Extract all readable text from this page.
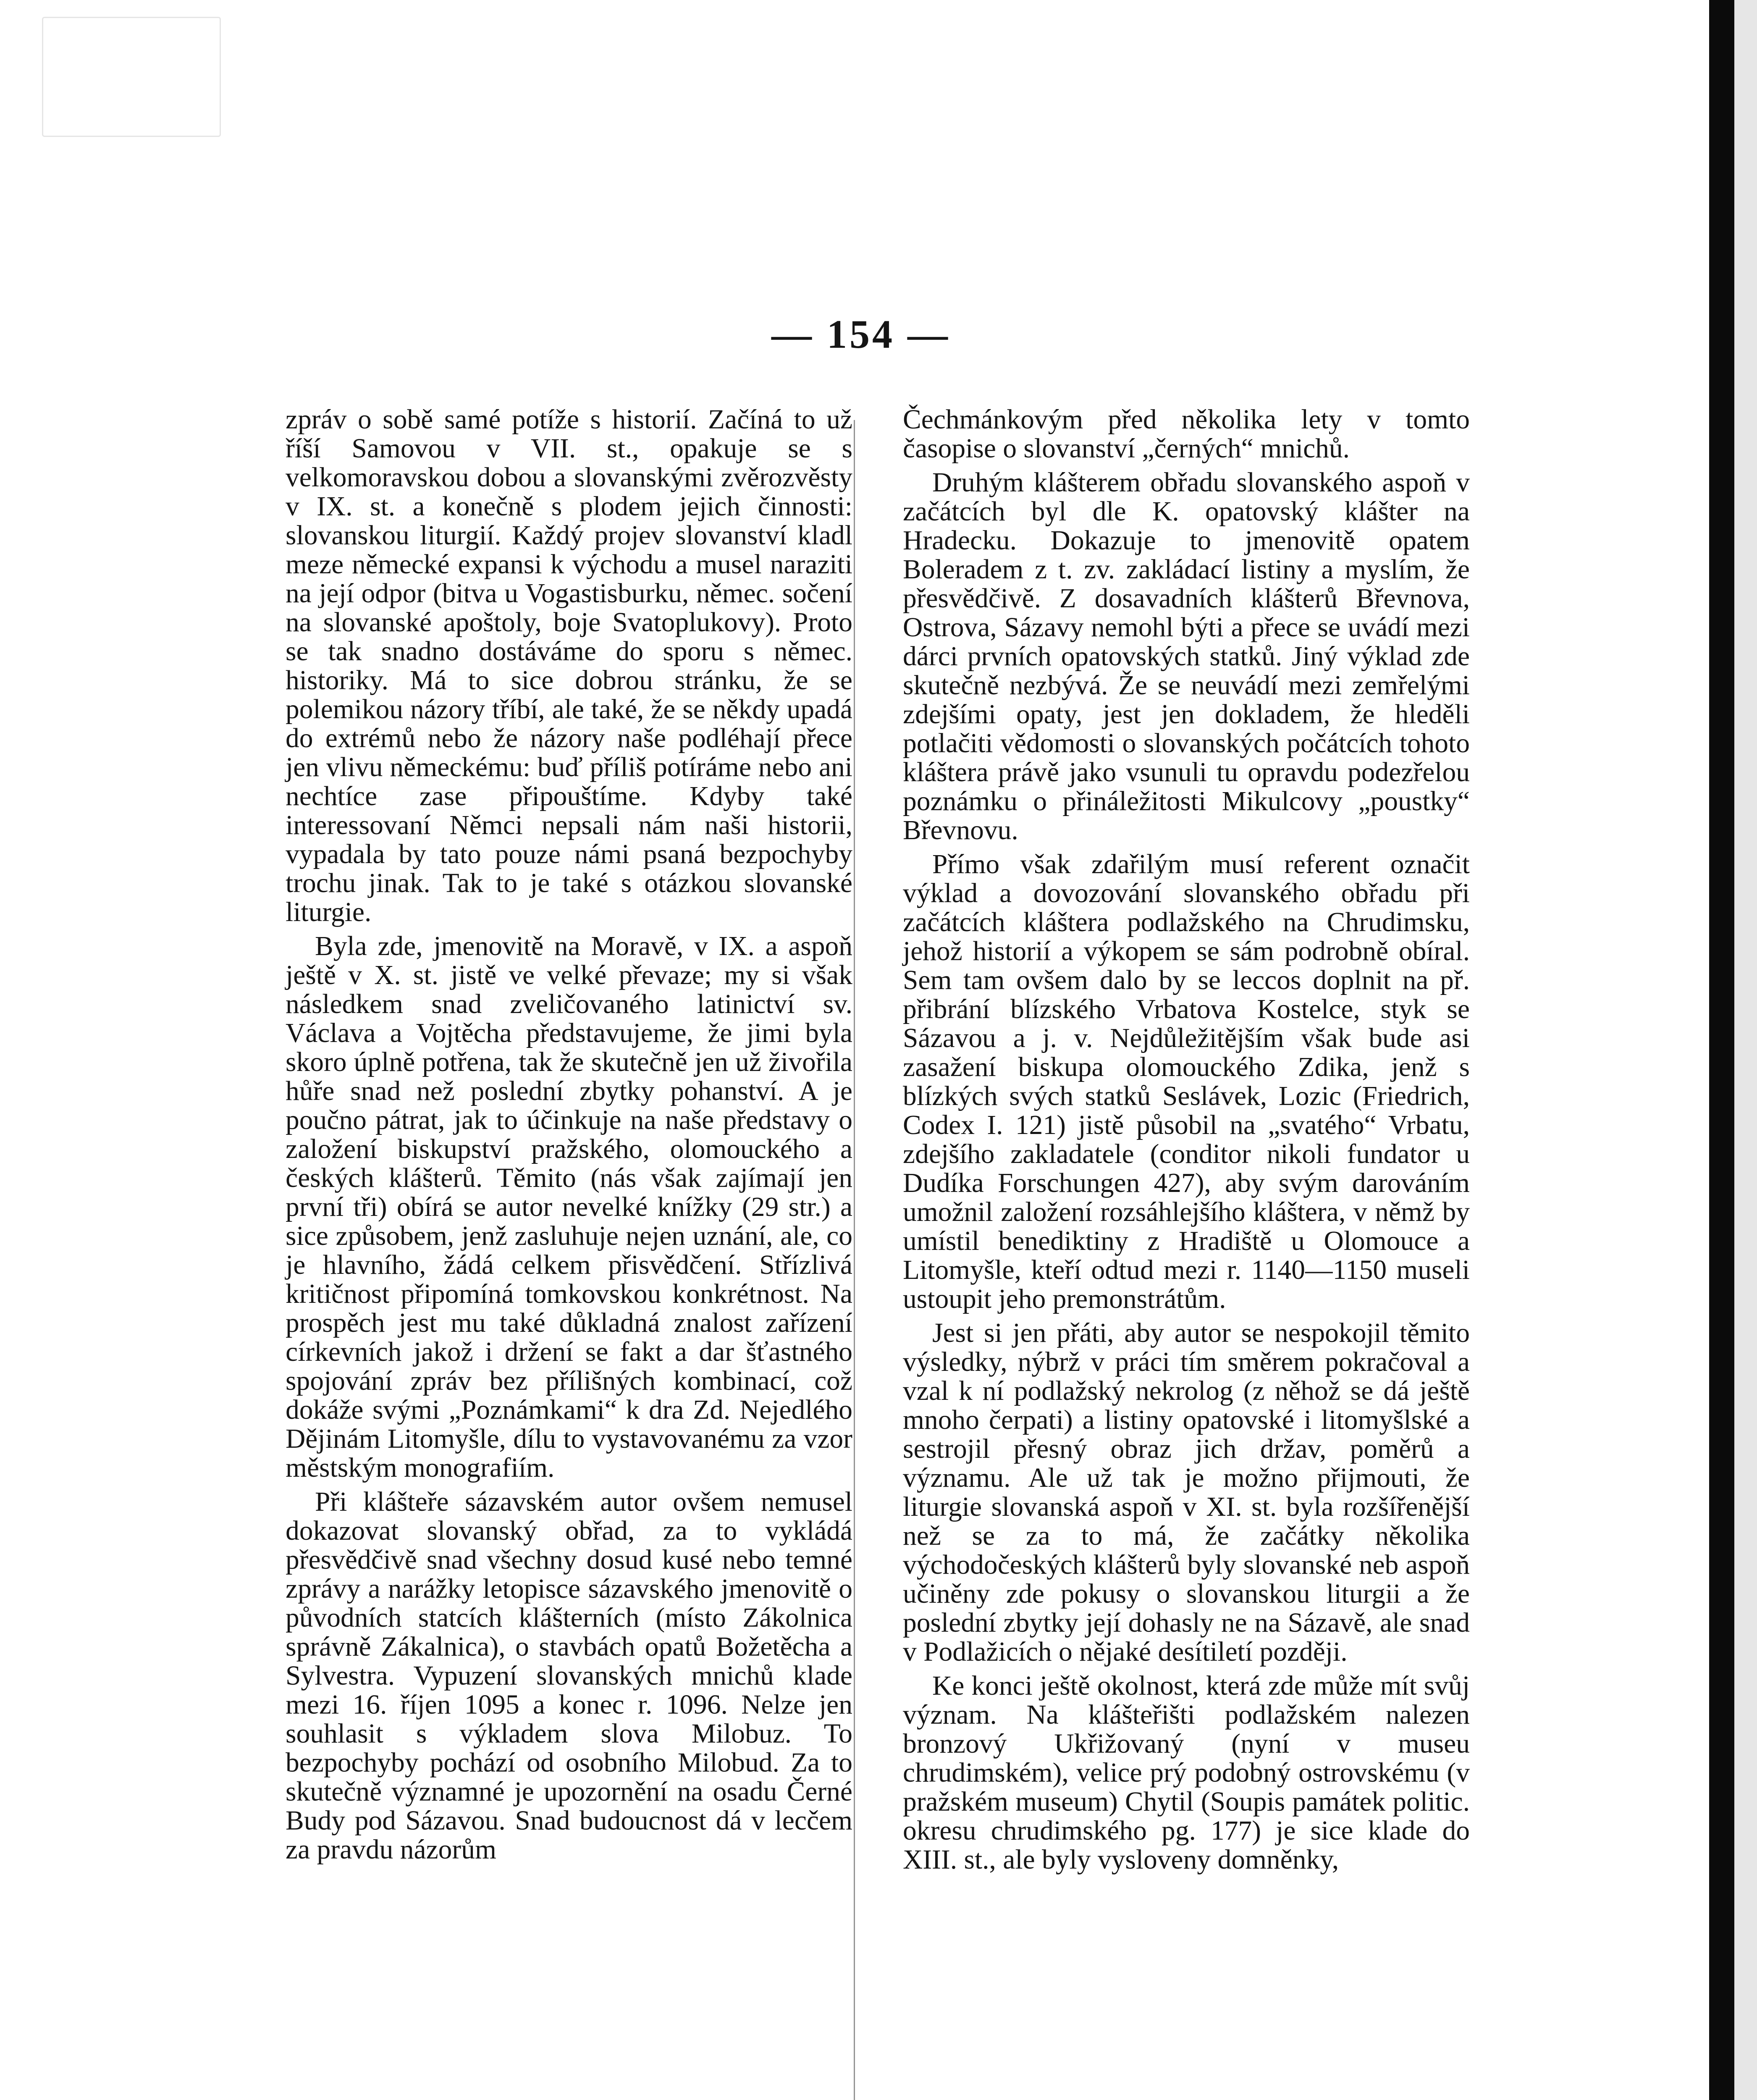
— 154 —

zpráv o sobě samé potíže s historií. Začíná to už říší Samovou v VII. st., opakuje se s velkomoravskou dobou a slovanskými zvěrozvěsty v IX. st. a konečně s plodem jejich činnosti: slovanskou liturgií. Každý projev slovanství kladl meze německé expansi k východu a musel naraziti na její odpor (bitva u Vogastisburku, němec. sočení na slovanské apoštoly, boje Svatoplukovy). Proto se tak snadno dostáváme do sporu s němec. historiky. Má to sice dobrou stránku, že se polemikou názory tříbí, ale také, že se někdy upadá do extrémů nebo že názory naše podléhají přece jen vlivu německému: buď příliš potíráme nebo ani nechtíce zase připouštíme. Kdyby také interessovaní Němci nepsali nám naši historii, vypadala by tato pouze námi psaná bezpochyby trochu jinak. Tak to je také s otázkou slovanské liturgie.

Byla zde, jmenovitě na Moravě, v IX. a aspoň ještě v X. st. jistě ve velké převaze; my si však následkem snad zveličovaného latinictví sv. Václava a Vojtěcha představujeme, že jimi byla skoro úplně potřena, tak že skutečně jen už živořila hůře snad než poslední zbytky pohanství. A je poučno pátrat, jak to účinkuje na naše představy o založení biskupství pražského, olomouckého a českých klášterů. Těmito (nás však zajímají jen první tři) obírá se autor nevelké knížky (29 str.) a sice způsobem, jenž zasluhuje nejen uznání, ale, co je hlavního, žádá celkem přisvědčení. Střízlivá kritičnost připomíná tomkovskou konkrétnost. Na prospěch jest mu také důkladná znalost zařízení církevních jakož i držení se fakt a dar šťastného spojování zpráv bez přílišných kombinací, což dokáže svými „Poznámkami“ k dra Zd. Nejedlého Dějinám Litomyšle, dílu to vystavovanému za vzor městským monografiím.

Při klášteře sázavském autor ovšem nemusel dokazovat slovanský obřad, za to vykládá přesvědčivě snad všechny dosud kusé nebo temné zprávy a narážky letopisce sázavského jmenovitě o původních statcích klášterních (místo Zákolnica správně Zákalnica), o stavbách opatů Božetěcha a Sylvestra. Vypuzení slovanských mnichů klade mezi 16. říjen 1095 a konec r. 1096. Nelze jen souhlasit s výkladem slova Milobuz. To bezpochyby pochází od osobního Milobud. Za to skutečně významné je upozornění na osadu Černé Budy pod Sázavou. Snad budoucnost dá v lecčem za pravdu názorům

Čechmánkovým před několika lety v tomto časopise o slovanství „černých“ mnichů.

Druhým klášterem obřadu slovanského aspoň v začátcích byl dle K. opatovský klášter na Hradecku. Dokazuje to jmenovitě opatem Boleradem z t. zv. zakládací listiny a myslím, že přesvědčivě. Z dosavadních klášterů Břevnova, Ostrova, Sázavy nemohl býti a přece se uvádí mezi dárci prvních opatovských statků. Jiný výklad zde skutečně nezbývá. Že se neuvádí mezi zemřelými zdejšími opaty, jest jen dokladem, že hleděli potlačiti vědomosti o slovanských počátcích tohoto kláštera právě jako vsunuli tu opravdu podezřelou poznámku o přináležitosti Mikulcovy „poustky“ Břevnovu.

Přímo však zdařilým musí referent označit výklad a dovozování slovanského obřadu při začátcích kláštera podlažského na Chrudimsku, jehož historií a výkopem se sám podrobně obíral. Sem tam ovšem dalo by se leccos doplnit na př. přibrání blízského Vrbatova Kostelce, styk se Sázavou a j. v. Nejdůležitějším však bude asi zasažení biskupa olomouckého Zdika, jenž s blízkých svých statků Seslávek, Lozic (Friedrich, Codex I. 121) jistě působil na „svatého“ Vrbatu, zdejšího zakladatele (conditor nikoli fundator u Dudíka Forschungen 427), aby svým darováním umožnil založení rozsáhlejšího kláštera, v němž by umístil benediktiny z Hradiště u Olomouce a Litomyšle, kteří odtud mezi r. 1140—1150 museli ustoupit jeho premonstrátům.

Jest si jen přáti, aby autor se nespokojil těmito výsledky, nýbrž v práci tím směrem pokračoval a vzal k ní podlažský nekrolog (z něhož se dá ještě mnoho čerpati) a listiny opatovské i litomyšlské a sestrojil přesný obraz jich držav, poměrů a významu. Ale už tak je možno přijmouti, že liturgie slovanská aspoň v XI. st. byla rozšířenější než se za to má, že začátky několika východočeských klášterů byly slovanské neb aspoň učiněny zde pokusy o slovanskou liturgii a že poslední zbytky její dohasly ne na Sázavě, ale snad v Podlažicích o nějaké desítiletí později.

Ke konci ještě okolnost, která zde může mít svůj význam. Na klášteřišti podlažském nalezen bronzový Ukřižovaný (nyní v museu chrudimském), velice prý podobný ostrovskému (v pražském museum) Chytil (Soupis památek politic. okresu chrudimského pg. 177) je sice klade do XIII. st., ale byly vysloveny domněnky,
